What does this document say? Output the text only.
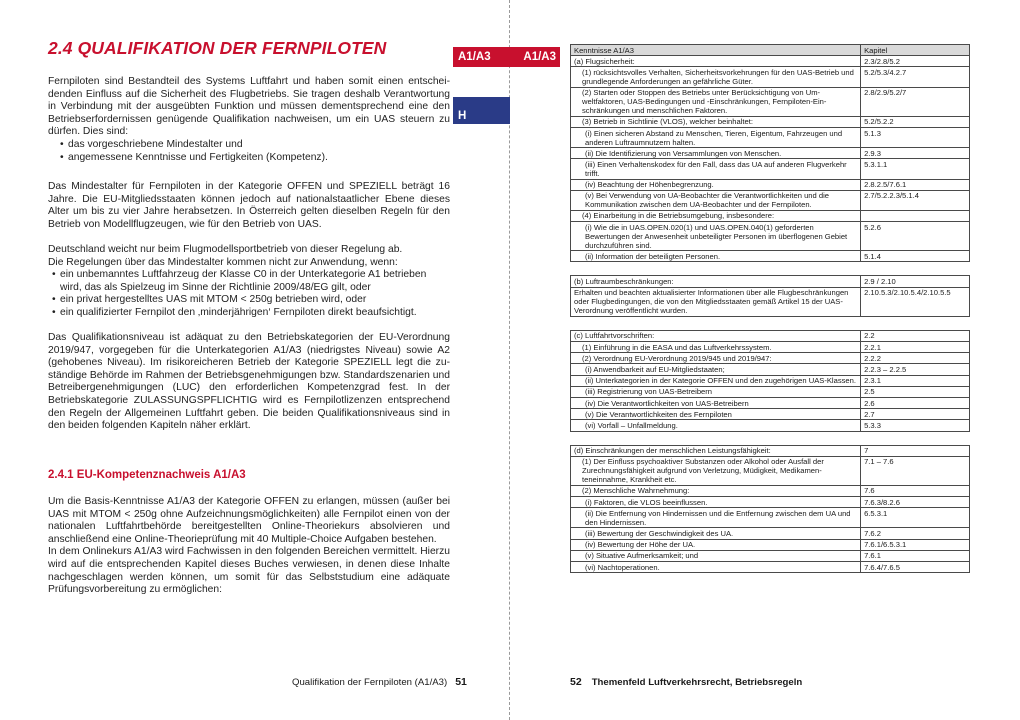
2.4 QUALIFIKATION DER FERNPILOTEN	A1/A3
H

Fernpiloten sind Bestandteil des Systems Luftfahrt und haben somit einen entscheidenden Einfluss auf die Sicherheit des Flugbetriebs. Sie tragen deshalb Verantwortung in Verbindung mit der ausgeübten Funktion und müssen dementsprechend eine den Betriebserfordernissen genügende Qualifikation nachweisen, um ein UAS steuern zu dürfen. Dies sind:

• das vorgeschriebene Mindestalter und
• angemessene Kenntnisse und Fertigkeiten (Kompetenz).

Das Mindestalter für Fernpiloten in der Kategorie OFFEN und SPEZIELL beträgt 16 Jahre. Die EU-Mitgliedsstaaten können jedoch auf nationalstaatlicher Ebene dieses Alter um bis zu vier Jahre herabsetzen. In Österreich gelten dieselben Regeln für den Betrieb von Modellflugzeugen, wie für den Betrieb von UAS.

Deutschland weicht nur beim Flugmodellsportbetrieb von dieser Regelung ab.

Die Regelungen über das Mindestalter kommen nicht zur Anwendung, wenn:

• ein unbemanntes Luftfahrzeug der Klasse C0 in der Unterkategorie A1 betrieben wird, das als Spielzeug im Sinne der Richtlinie 2009/48/EG gilt, oder
• ein privat hergestelltes UAS mit MTOM < 250g betrieben wird, oder
• ein qualifizierter Fernpilot den ‚minderjährigen‘ Fernpiloten direkt beaufsichtigt.

Das Qualifikationsniveau ist adäquat zu den Betriebskategorien der EU-Verordnung 2019/947, vorgegeben für die Unterkategorien A1/A3 (niedrigstes Niveau) sowie A2 (gehobenes Niveau). Im risikoreicheren Betrieb der Kategorie SPEZIELL legt die zuständige Behörde im Rahmen der Betriebsgenehmigungen bzw. Standardszenarien und Betreibergenehmigungen (LUC) den erforderlichen Kompetenzgrad fest. In der Betriebskategorie ZULASSUNGSPFLICHTIG wird es Fernpilotlizenzen entsprechend den Regeln der Allgemeinen Luftfahrt geben. Die beiden Qualifikationsniveaus sind in den beiden folgenden Kapiteln näher erklärt.

2.4.1 EU-Kompetenznachweis A1/A3

Um die Basis-Kenntnisse A1/A3 der Kategorie OFFEN zu erlangen, müssen (außer bei UAS mit MTOM < 250g ohne Aufzeichnungsmöglichkeiten) alle Fernpilot einen von der nationalen Luftfahrtbehörde bereitgestellten Online-Theoriekurs absolvieren und anschließend eine Online-Theorieprüfung mit 40 Multiple-Choice Aufgaben bestehen.

In dem Onlinekurs A1/A3 wird Fachwissen in den folgenden Bereichen vermittelt. Hierzu wird auf die entsprechenden Kapitel dieses Buches verwiesen, in denen diese Inhalte nachgeschlagen werden können, um somit für das Selbststudium eine adäquate Prüfungsvorbereitung zu ermöglichen:

Qualifikation der Fernpiloten (A1/A3) 51
A1/A3
Kenntnisse A1/A3	Kapitel
(a) Flugsicherheit:	2.3/2.8/5.2
(1) rücksichtsvolles Verhalten, Sicherheitsvorkehrungen für den UAS-Betrieb und grundlegende Anforderungen an gefährliche Güter.	5.2/5.3/4.2.7
(2) Starten oder Stoppen des Betriebs unter Berücksichtigung von Umweltfaktoren, UAS-Bedingungen und -Einschränkungen, Fernpiloten-Einschränkungen und menschlichen Faktoren.	2.8/2.9/5.2/7
(3) Betrieb in Sichtlinie (VLOS), welcher beinhaltet:	5.2/5.2.2
(i) Einen sicheren Abstand zu Menschen, Tieren, Eigentum, Fahrzeugen und anderen Luftraumnutzern halten.	5.1.3
(ii) Die Identifizierung von Versammlungen von Menschen.	2.9.3
(iii) Einen Verhaltenskodex für den Fall, dass das UA auf anderen Flugverkehr trifft.	5.3.1.1
(iv) Beachtung der Höhenbegrenzung.	2.8.2.5/7.6.1
(v) Bei Verwendung von UA-Beobachter die Verantwortlichkeiten und die Kommunikation zwischen dem UA-Beobachter und der Fernpiloten.	2.7/5.2.2.3/5.1.4
(4) Einarbeitung in die Betriebsumgebung, insbesondere:	
(i) Wie die in UAS.OPEN.020(1) und UAS.OPEN.040(1) geforderten Bewertungen der Anwesenheit unbeteiligter Personen im überflogenen Gebiet durchzuführen sind.	5.2.6
(ii) Information der beteiligten Personen.	5.1.4

(b) Luftraumbeschränkungen:	2.9 / 2.10
Erhalten und beachten aktualisierter Informationen über alle Flugbeschränkungen oder Flugbedingungen, die von den Mitgliedsstaaten gemäß Artikel 15 der UAS-Verordnung veröffentlicht wurden.	2.10.5.3/2.10.5.4/2.10.5.5

(c) Luftfahrtvorschriften:	2.2
(1) Einführung in die EASA und das Luftverkehrssystem.	2.2.1
(2) Verordnung EU-Verordnung 2019/945 und 2019/947:	2.2.2
(i) Anwendbarkeit auf EU-Mitgliedstaaten;	2.2.3 – 2.2.5
(ii) Unterkategorien in der Kategorie OFFEN und den zugehörigen UAS-Klassen.	2.3.1
(iii) Registrierung von UAS-Betreibern	2.5
(iv) Die Verantwortlichkeiten von UAS-Betreibern	2.6
(v) Die Verantwortlichkeiten des Fernpiloten	2.7
(vi) Vorfall – Unfallmeldung.	5.3.3

(d) Einschränkungen der menschlichen Leistungsfähigkeit:	7
(1) Der Einfluss psychoaktiver Substanzen oder Alkohol oder Ausfall der Zurechnungsfähigkeit aufgrund von Verletzung, Müdigkeit, Medikamenteneinnahme, Krankheit etc.	7.1 – 7.6
(2) Menschliche Wahrnehmung:	7.6
(i) Faktoren, die VLOS beeinflussen.	7.6.3/8.2.6
(ii) Die Entfernung von Hindernissen und die Entfernung zwischen dem UA und den Hindernissen.	6.5.3.1
(iii) Bewertung der Geschwindigkeit des UA.	7.6.2
(iv) Bewertung der Höhe der UA.	7.6.1/6.5.3.1
(v) Situative Aufmerksamkeit; und	7.6.1
(vi) Nachtoperationen.	7.6.4/7.6.5
52 Themenfeld Luftverkehrsrecht, Betriebsregeln
